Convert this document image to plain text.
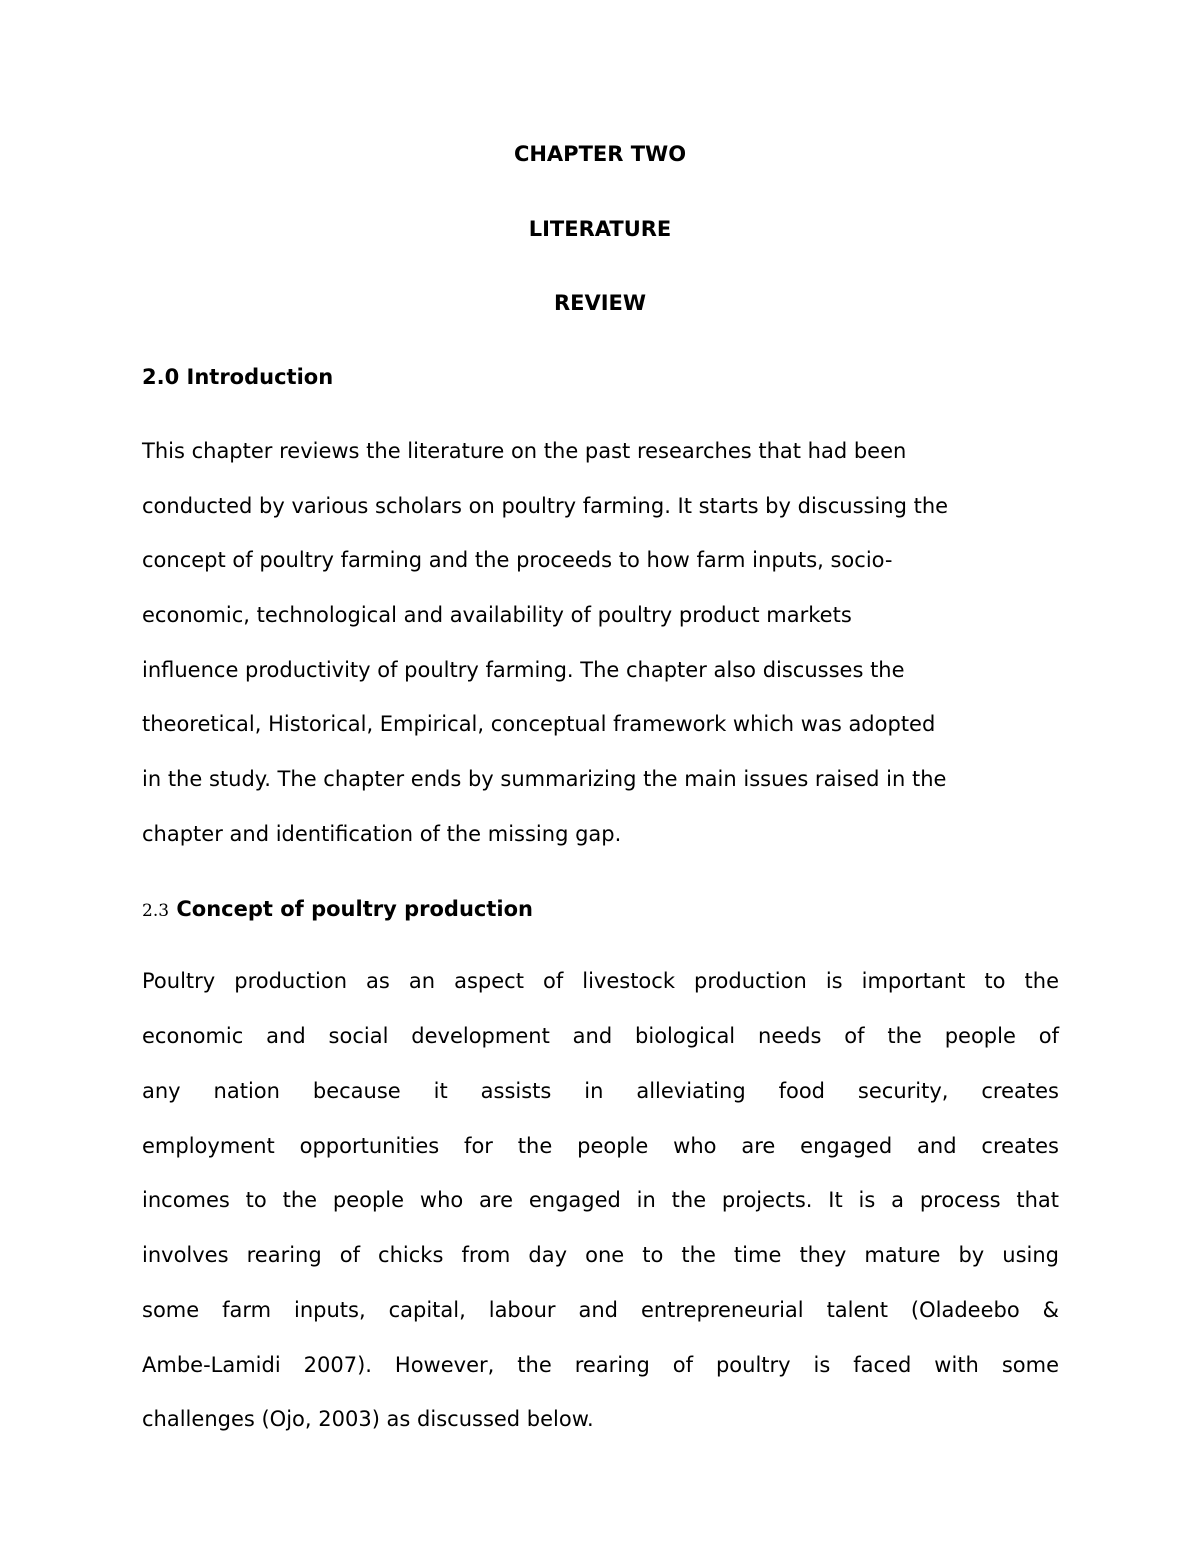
CHAPTER TWO
LITERATURE
REVIEW
2.0 Introduction

This chapter reviews the literature on the past researches that had been

conducted by various scholars on poultry farming. It starts by discussing the

concept of poultry farming and the proceeds to how farm inputs, socio-

economic, technological and availability of poultry product markets

influence productivity of poultry farming. The chapter also discusses the

theoretical, Historical, Empirical, conceptual framework which was adopted

in the study. The chapter ends by summarizing the main issues raised in the

chapter and identification of the missing gap.

2.3 Concept of poultry production

Poultry production as an aspect of livestock production is important to the

economic and social development and biological needs of the people of

any nation because it assists in alleviating food security, creates

employment opportunities for the people who are engaged and creates

incomes to the people who are engaged in the projects. It is a process that

involves rearing of chicks from day one to the time they mature by using

some farm inputs, capital, labour and entrepreneurial talent (Oladeebo &

Ambe-Lamidi 2007). However, the rearing of poultry is faced with some

challenges (Ojo, 2003) as discussed below.
